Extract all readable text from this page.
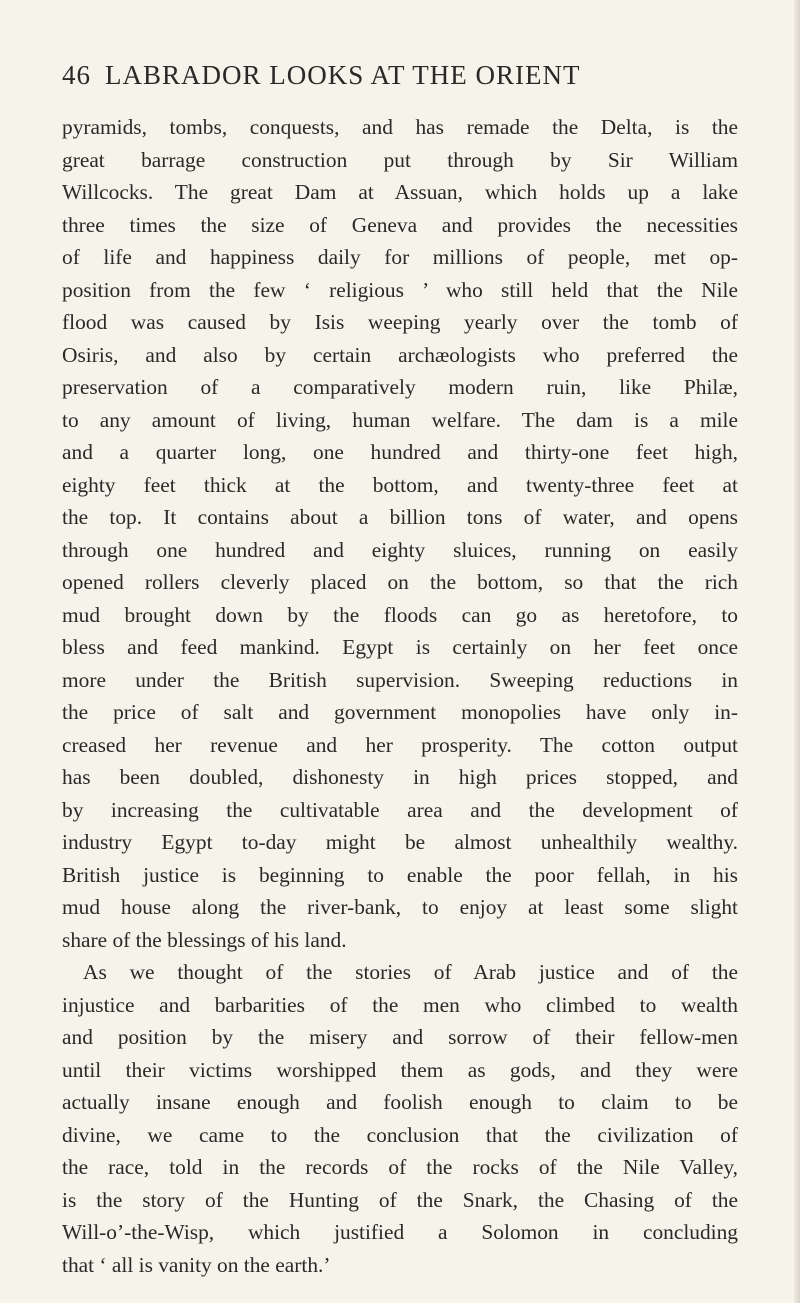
46 LABRADOR LOOKS AT THE ORIENT
pyramids, tombs, conquests, and has remade the Delta, is the
great barrage construction put through by Sir William
Willcocks. The great Dam at Assuan, which holds up a lake
three times the size of Geneva and provides the necessities
of life and happiness daily for millions of people, met op-
position from the few ‘ religious ’ who still held that the Nile
flood was caused by Isis weeping yearly over the tomb of
Osiris, and also by certain archæologists who preferred the
preservation of a comparatively modern ruin, like Philæ,
to any amount of living, human welfare. The dam is a mile
and a quarter long, one hundred and thirty-one feet high,
eighty feet thick at the bottom, and twenty-three feet at
the top. It contains about a billion tons of water, and opens
through one hundred and eighty sluices, running on easily
opened rollers cleverly placed on the bottom, so that the rich
mud brought down by the floods can go as heretofore, to
bless and feed mankind. Egypt is certainly on her feet once
more under the British supervision. Sweeping reductions in
the price of salt and government monopolies have only in-
creased her revenue and her prosperity. The cotton output
has been doubled, dishonesty in high prices stopped, and
by increasing the cultivatable area and the development of
industry Egypt to-day might be almost unhealthily wealthy.
British justice is beginning to enable the poor fellah, in his
mud house along the river-bank, to enjoy at least some slight
share of the blessings of his land.
As we thought of the stories of Arab justice and of the
injustice and barbarities of the men who climbed to wealth
and position by the misery and sorrow of their fellow-men
until their victims worshipped them as gods, and they were
actually insane enough and foolish enough to claim to be
divine, we came to the conclusion that the civilization of
the race, told in the records of the rocks of the Nile Valley,
is the story of the Hunting of the Snark, the Chasing of the
Will-o’-the-Wisp, which justified a Solomon in concluding
that ‘ all is vanity on the earth.’
